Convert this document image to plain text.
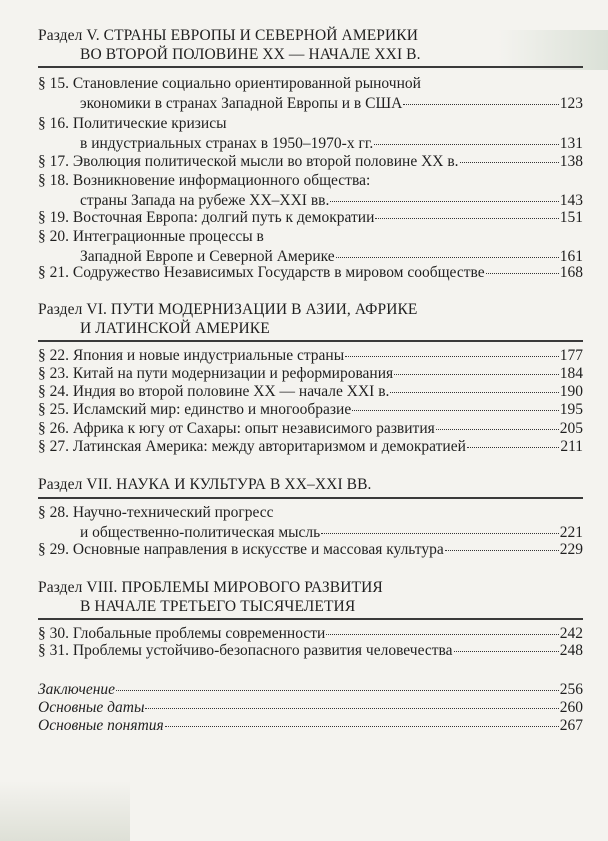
Раздел V. СТРАНЫ ЕВРОПЫ И СЕВЕРНОЙ АМЕРИКИ
ВО ВТОРОЙ ПОЛОВИНЕ ХХ — НАЧАЛЕ XXI В.
§ 15. Становление социально ориентированной рыночной
экономики в странах Западной Европы и в США	123
§ 16. Политические кризисы
в индустриальных странах в 1950–1970-х гг.	131
§ 17. Эволюция политической мысли во второй половине ХХ в.	138
§ 18. Возникновение информационного общества:
страны Запада на рубеже XX–XXI вв.	143
§ 19. Восточная Европа: долгий путь к демократии	151
§ 20. Интеграционные процессы в
Западной Европе и Северной Америке	161
§ 21. Содружество Независимых Государств в мировом сообществе	168
Раздел VI. ПУТИ МОДЕРНИЗАЦИИ В АЗИИ, АФРИКЕ
И ЛАТИНСКОЙ АМЕРИКЕ
§ 22. Япония и новые индустриальные страны	177
§ 23. Китай на пути модернизации и реформирования	184
§ 24. Индия во второй половине XX — начале XXI в.	190
§ 25. Исламский мир: единство и многообразие	195
§ 26. Африка к югу от Сахары: опыт независимого развития	205
§ 27. Латинская Америка: между авторитаризмом и демократией	211
Раздел VII. НАУКА И КУЛЬТУРА В XX–XXI ВВ.
§ 28. Научно-технический прогресс
и общественно-политическая мысль	221
§ 29. Основные направления в искусстве и массовая культура	229
Раздел VIII. ПРОБЛЕМЫ МИРОВОГО РАЗВИТИЯ
В НАЧАЛЕ ТРЕТЬЕГО ТЫСЯЧЕЛЕТИЯ
§ 30. Глобальные проблемы современности	242
§ 31. Проблемы устойчиво-безопасного развития человечества	248
Заключение	256
Основные даты	260
Основные понятия	267
